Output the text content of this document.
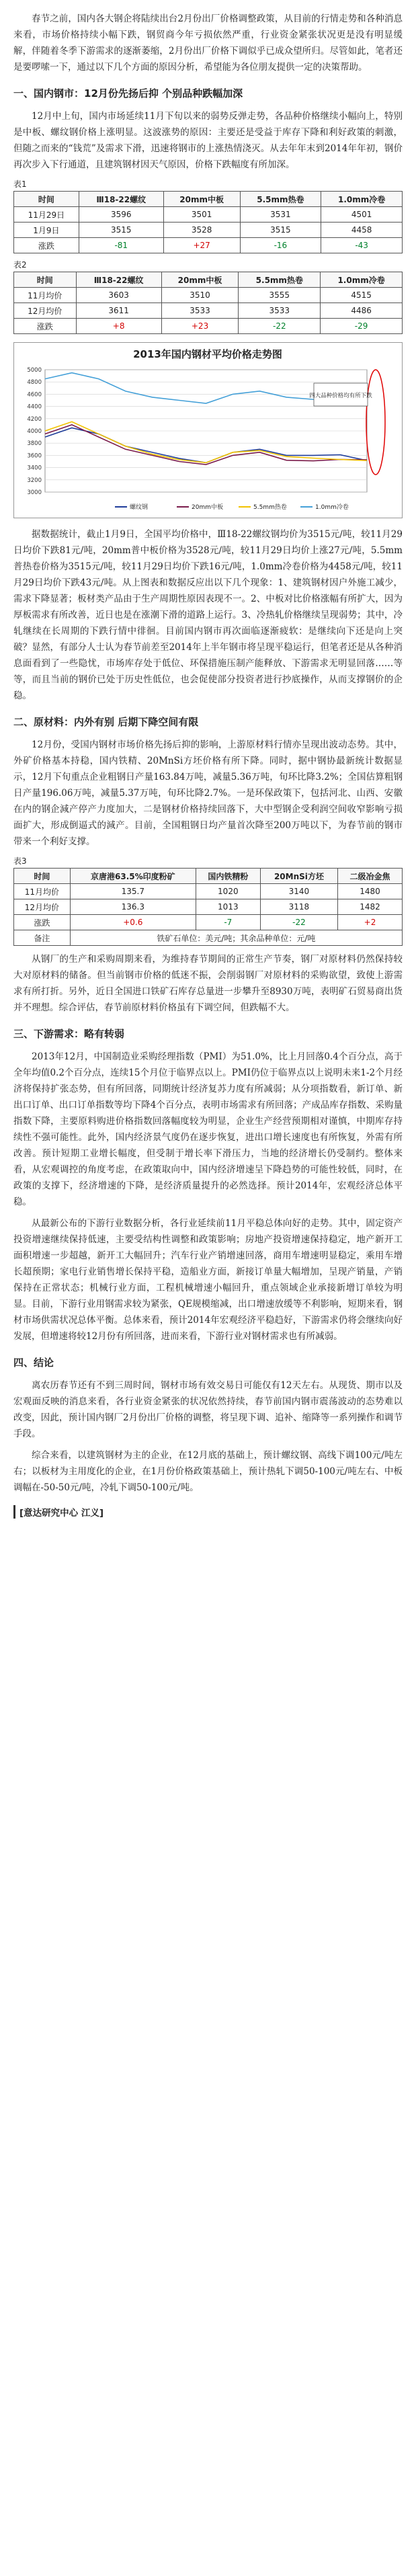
春节之前，国内各大钢企将陆续出台2月份出厂价格调整政策，从目前的行情走势和各种消息来看，市场价格持续小幅下跌，钢贸商今年亏损依然严重，行业资金紧张状况更是没有明显缓解，伴随着冬季下游需求的逐渐萎缩，2月份出厂价格下调似乎已成众望所归。尽管如此，笔者还是要啰嗦一下，通过以下几个方面的原因分析，希望能为各位朋友提供一定的决策帮助。

一、国内钢市：12月份先扬后抑 个别品种跌幅加深

12月中上旬，国内市场延续11月下旬以来的弱势反弹走势，各品种价格继续小幅向上，特别是中板、螺纹钢价格上涨明显。这波涨势的原因：主要还是受益于库存下降和利好政策的刺激，但随之而来的“钱荒”及需求下滑，迅速将钢市的上涨热情浇灭。从去年年末到2014年年初，钢价再次步入下行通道，且建筑钢材因天气原因，价格下跌幅度有所加深。

表1
时间	Ⅲ18-22螺纹	20mm中板	5.5mm热卷	1.0mm冷卷
11月29日	3596	3501	3531	4501
1月9日	3515	3528	3515	4458
涨跌	-81	+27	-16	-43
表2
时间	Ⅲ18-22螺纹	20mm中板	5.5mm热卷	1.0mm冷卷
11月均价	3603	3510	3555	4515
12月均价	3611	3533	3533	4486
涨跌	+8	+23	-22	-29
2013年国内钢材平均价格走势图
3000
3200
3400
3600
3800
4000
4200
4400
4600
4800
5000
螺纹钢	20mm中板	5.5mm热卷	1.0mm冷卷
四大品种价格均有所下跌

据数据统计，截止1月9日，全国平均价格中，Ⅲ18-22螺纹钢均价为3515元/吨，较11月29日均价下跌81元/吨，20mm普中板价格为3528元/吨，较11月29日均价上涨27元/吨，5.5mm普热卷价格为3515元/吨，较11月29日均价下跌16元/吨，1.0mm冷卷价格为4458元/吨，较11月29日均价下跌43元/吨。从上图表和数据反应出以下几个现象：1、建筑钢材因户外施工减少，需求下降显著；板材类产品由于生产周期性原因表现不一。2、中板对比价格涨幅有所扩大，因为厚板需求有所改善，近日也是在涨潮下滑的道路上运行。3、冷热轧价格继续呈现弱势；其中，冷轧继续在长周期的下跌行情中徘徊。目前国内钢市再次面临逐渐疲软：是继续向下还是向上突破？显然，有部分人士认为春节前差至2014年上半年钢市将呈现平稳运行，但笔者还是从各种消息面看到了一些隐忧，市场库存处于低位、环保措施压制产能释放、下游需求无明显回落……等等，而且当前的钢价已处于历史性低位，也会促使部分投资者进行抄底操作，从而支撑钢价的企稳。

二、原材料：内外有别 后期下降空间有限

12月份，受国内钢材市场价格先扬后抑的影响，上游原材料行情亦呈现出波动态势。其中，外矿价格基本持稳，国内铁精、20MnSi方坯价格有所下降。同时，据中钢协最新统计数据显示，12月下旬重点企业粗钢日产量163.84万吨，减量5.36万吨，旬环比降3.2%；全国估算粗钢日产量196.06万吨，减量5.37万吨，旬环比降2.7%。一是环保政策下，包括河北、山西、安徽在内的钢企減产停产力度加大，二是钢材价格持续回落下，大中型钢企受利润空间收窄影响亏损面扩大，形成倒逼式的減产。目前，全国粗钢日均产量首次降至200万吨以下，为春节前的钢市带来一个利好支撑。

表3
时间	京唐港63.5%印度粉矿	国内铁精粉	20MnSi方坯	二级冶金焦
11月均价	135.7	1020	3140	1480
12月均价	136.3	1013	3118	1482
涨跌	+0.6	-7	-22	+2
备注	铁矿石单位：美元/吨；其余品种单位：元/吨			

从钢厂的生产和采购周期来看，为维持春节期间的正常生产节奏，钢厂对原材料仍然保持较大对原材料的储备。但当前钢市价格的低迷不振，会削弱钢厂对原材料的采购欲望，致使上游需求有所打折。另外，近日全国进口铁矿石库存总量进一步攀升至8930万吨，表明矿石贸易商出货并不理想。综合评估，春节前原材料价格虽有下调空间，但跌幅不大。

三、下游需求：略有转弱

2013年12月，中国制造业采购经理指数（PMI）为51.0%，比上月回落0.4个百分点，高于全年均值0.2个百分点，连续15个月位于临界点以上。PMI仍位于临界点以上说明未来1-2个月经济将保持扩张态势，但有所回落，同期统计经济复苏力度有所减弱；从分项指数看，新订单、新出口订单、出口订单指数等均下降4个百分点，表明市场需求有所回落；产成品库存指数、采购量指数下降，主要原料购进价格指数回落幅度较为明显，企业生产经营预期相对谨慎，中期库存持续性不强可能性。此外，国内经济景气度仍在逐步恢复，进出口增长速度也有所恢复，外需有所改善。预计短期工业增长幅度，但受制于增长率下滑压力，当地的经济增长仍受制约。整体来看，从宏观调控的角度考虑，在政策取向中，国内经济增速呈下降趋势的可能性较低，同时，在政策的支撑下，经济增速的下降，是经济质量提升的必然选择。预计2014年，宏观经济总体平稳。

从最新公布的下游行业数据分析，各行业延续前11月平稳总体向好的走势。其中，固定资产投资增速继续保持低速，主要受结构性调整和政策影响；房地产投资增速保持稳定，地产新开工面积增速一步超越，新开工大幅回升；汽车行业产销增速回落，商用车增速明显稳定，乘用车增长超预期；家电行业销售增长保持平稳，造船业方面，新接订单量大幅增加，呈现产销量，产销保持在正常状态；机械行业方面，工程机械增速小幅回升，重点领域企业承接新增订单较为明显。目前，下游行业用钢需求较为紧张，QE规模缩减，出口增速放缓等不利影响，短期来看，钢材市场供需状况总体平衡。总体来看，预计2014年宏观经济平稳趋好，下游需求仍将会继续向好发展，但增速将较12月份有所回落，进而来看，下游行业对钢材需求也有所减弱。

四、结论

离农历春节还有不到三周时间，钢材市场有效交易日可能仅有12天左右。从现货、期市以及宏观面反映的消息来看，各行业资金紧张的状况依然持续，春节前国内钢市震荡波动的态势难以改变，因此，预计国内钢厂2月份出厂价格的调整，将呈现下调、追补、缩降等一系列操作和调节手段。

综合来看，以建筑钢材为主的企业，在12月底的基础上，预计螺纹钢、高线下调100元/吨左右；以板材为主用度化的企业，在1月份价格政策基础上，预计热轧下调50-100元/吨左右、中板调幅在-50-50元/吨，冷轧下调50-100元/吨。

[意达研究中心 江义]
